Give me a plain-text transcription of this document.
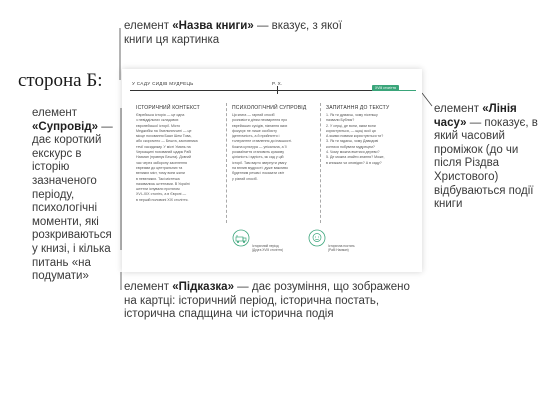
сторона Б:
елемент «Назва книги» — вказує, з якої книги ця картинка
елемент «Супровід» — дає короткий екскурс в історію зазначеного періоду, психологічні моменти, які розкриваються у книзі, і кілька питань «на подумати»
елемент «Лінія часу» — показує, в який часовий проміжок (до чи після Різдва Христового) відбуваються події книги
елемент «Підказка» — дає розуміння, що зображено на картці: історичний період, історична постать, історична спадщина чи історична подія
У САДУ СИДІВ МУДРЕЦЬ	Р. Х.
XVIII століття
ІСТОРИЧНИЙ КОНТЕКСТ
Єврейська історія — це одна
з невіддільних складових
європейської історії. Місто
Меджибіж на Хмельниччині — це
місце поховання Баал Шем Това,
або скорочено — Бешта, засновника
течії хасидизму. У місті Умань на
Черкащині похований цадик Рабі
Нахман (правнук Бешта). Довгий
час через заборону заселення
євреями до центральних та
великих міст, тому вони жили
в невеликих. Такі містечка
називались штетлами. В Україні
штетли існували протягом
XVI–XIX століть, а в Європі —
в першій половині XIX століття.
ПСИХОЛОГІЧНИЙ СУПРОВІД
Ця книга — гарний спосіб
розповісти дітям несварення про
єврейських сусідів, пізнання яких
фокусує не лише особисту
ідентичність, а й прийняття і
толерантне ставлення до інакшості.
Кожна культура — унікальна, а її
розмаїнаття становить красиву
цілісність і єдність, як сад у цій
історії. Там варто звернути увагу
на вплив мудрості: дуже важливо
буденним речам і показати світ
у різний спосіб.
ЗАПИТАННЯ ДО ТЕКСТУ
1. Як ти думаєш, чому пісеньку
назвали Бублик?
2. У серці, де вони, яким вони
користуються, — щоці якої ця
А якими новими користуються ти?
3. Як ти гадаєш, чому Давидові
коптися побувати мудрецем?
4. Чому можна вчитися дерево?
5. Де можна знайти знання? Може,
в книжках чи оповідях? А в саду?
Історичний період
(Друга XVIII століття)
Історична постать
(Рабі Нахман)
